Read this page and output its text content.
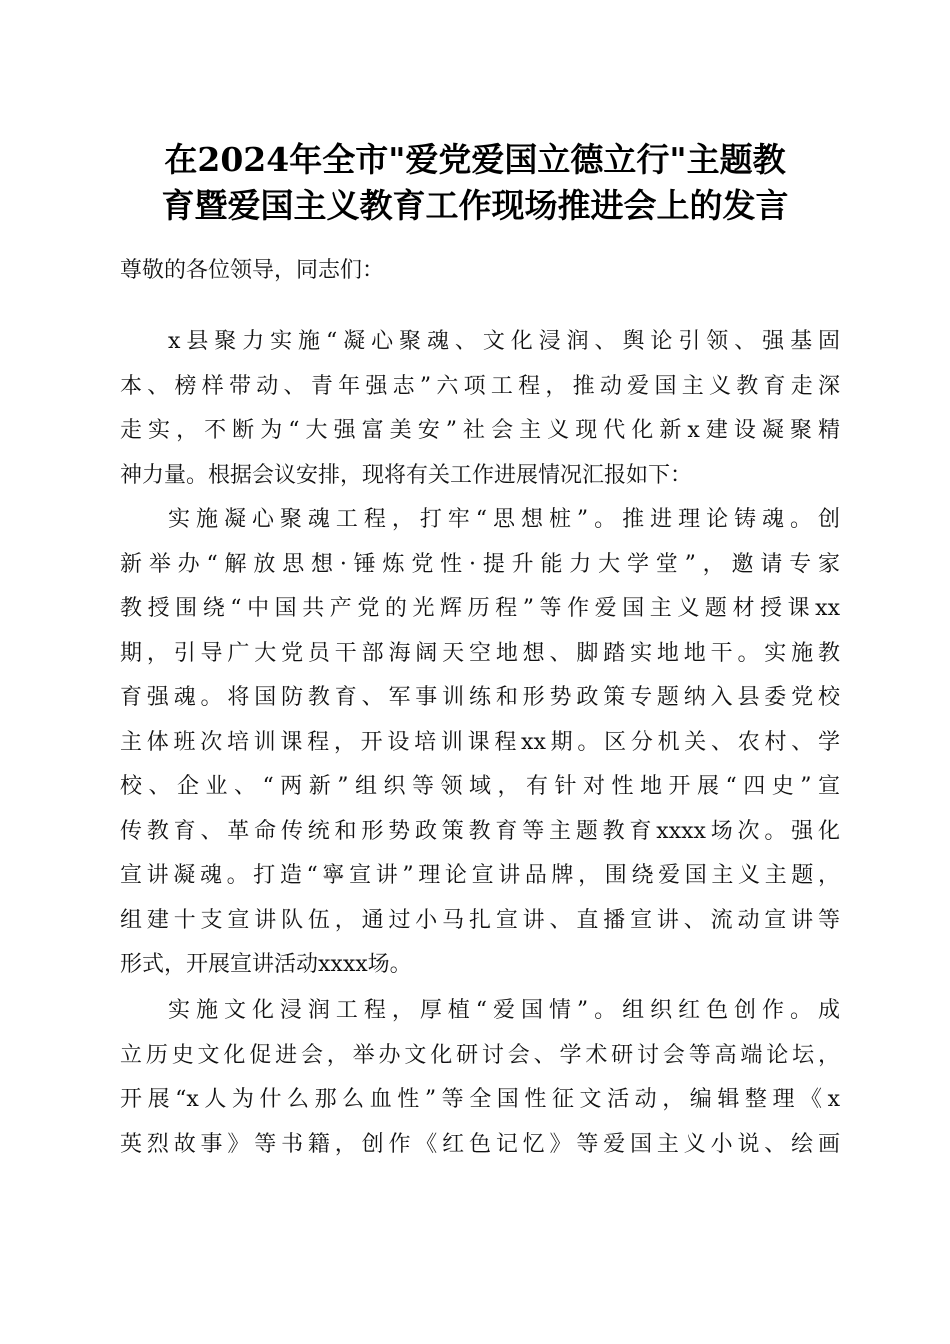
在2024年全市"爱党爱国立德立行"主题教
育暨爱国主义教育工作现场推进会上的发言
尊敬的各位领导，同志们：
x县聚力实施“凝心聚魂、文化浸润、舆论引领、强基固
本、榜样带动、青年强志”六项工程，推动爱国主义教育走深
走实，不断为“大强富美安”社会主义现代化新x建设凝聚精
神力量。根据会议安排，现将有关工作进展情况汇报如下：
实施凝心聚魂工程，打牢“思想桩”。推进理论铸魂。创
新举办“解放思想·锤炼党性·提升能力大学堂”，邀请专家
教授围绕“中国共产党的光辉历程”等作爱国主义题材授课xx
期，引导广大党员干部海阔天空地想、脚踏实地地干。实施教
育强魂。将国防教育、军事训练和形势政策专题纳入县委党校
主体班次培训课程，开设培训课程xx期。区分机关、农村、学
校、企业、“两新”组织等领域，有针对性地开展“四史”宣
传教育、革命传统和形势政策教育等主题教育xxxx场次。强化
宣讲凝魂。打造“寧宣讲”理论宣讲品牌，围绕爱国主义主题，
组建十支宣讲队伍，通过小马扎宣讲、直播宣讲、流动宣讲等
形式，开展宣讲活动xxxx场。
实施文化浸润工程，厚植“爱国情”。组织红色创作。成
立历史文化促进会，举办文化研讨会、学术研讨会等高端论坛，
开展“x人为什么那么血性”等全国性征文活动，编辑整理《x
英烈故事》等书籍，创作《红色记忆》等爱国主义小说、绘画
